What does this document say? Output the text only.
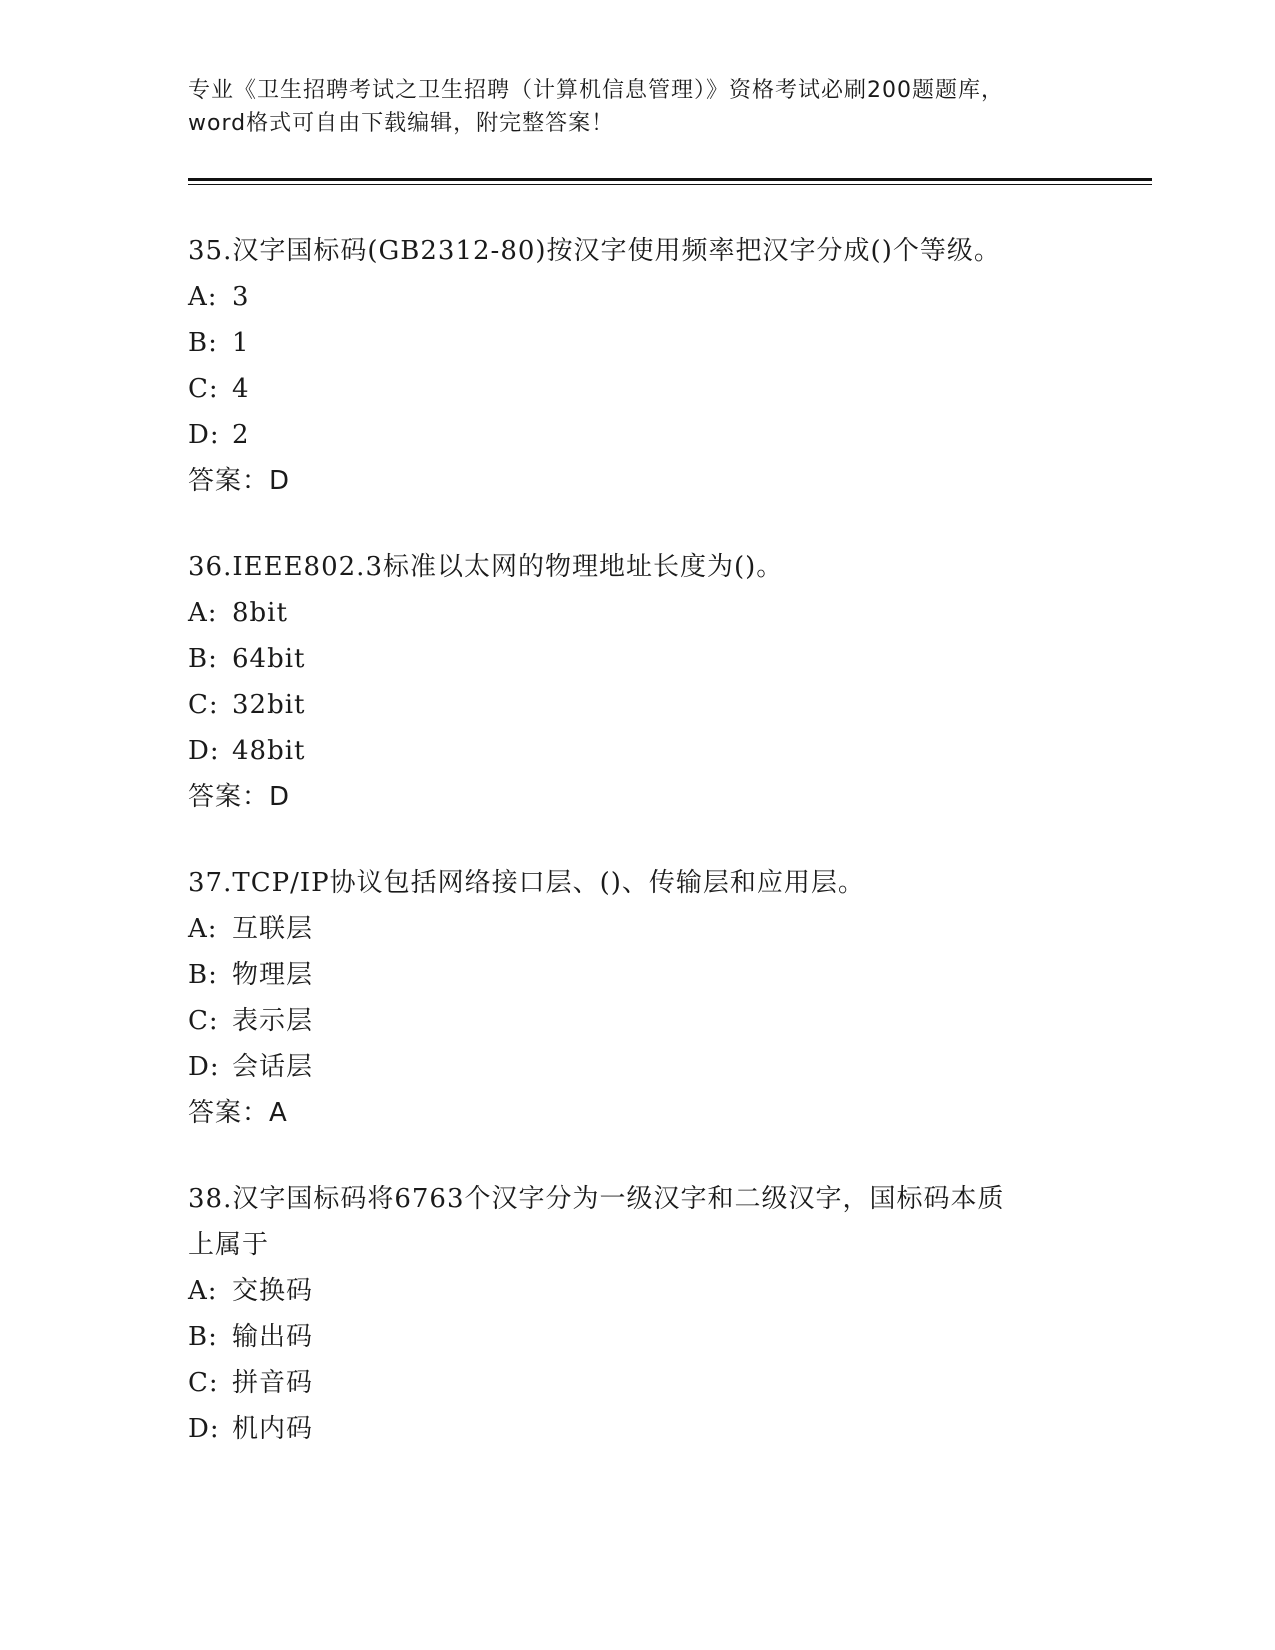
专业《卫生招聘考试之卫生招聘（计算机信息管理）》资格考试必刷200题题库，
word格式可自由下载编辑，附完整答案！

35.汉字国标码(GB2312-80)按汉字使用频率把汉字分成()个等级。

A: 3

B: 1

C: 4

D: 2

答案：D

36.IEEE802.3标准以太网的物理地址长度为()。

A: 8bit

B: 64bit

C: 32bit

D: 48bit

答案：D

37.TCP/IP协议包括网络接口层、()、传输层和应用层。

A: 互联层

B: 物理层

C: 表示层

D: 会话层

答案：A

38.汉字国标码将6763个汉字分为一级汉字和二级汉字，国标码本质

上属于

A: 交换码

B: 输出码

C: 拼音码

D: 机内码
